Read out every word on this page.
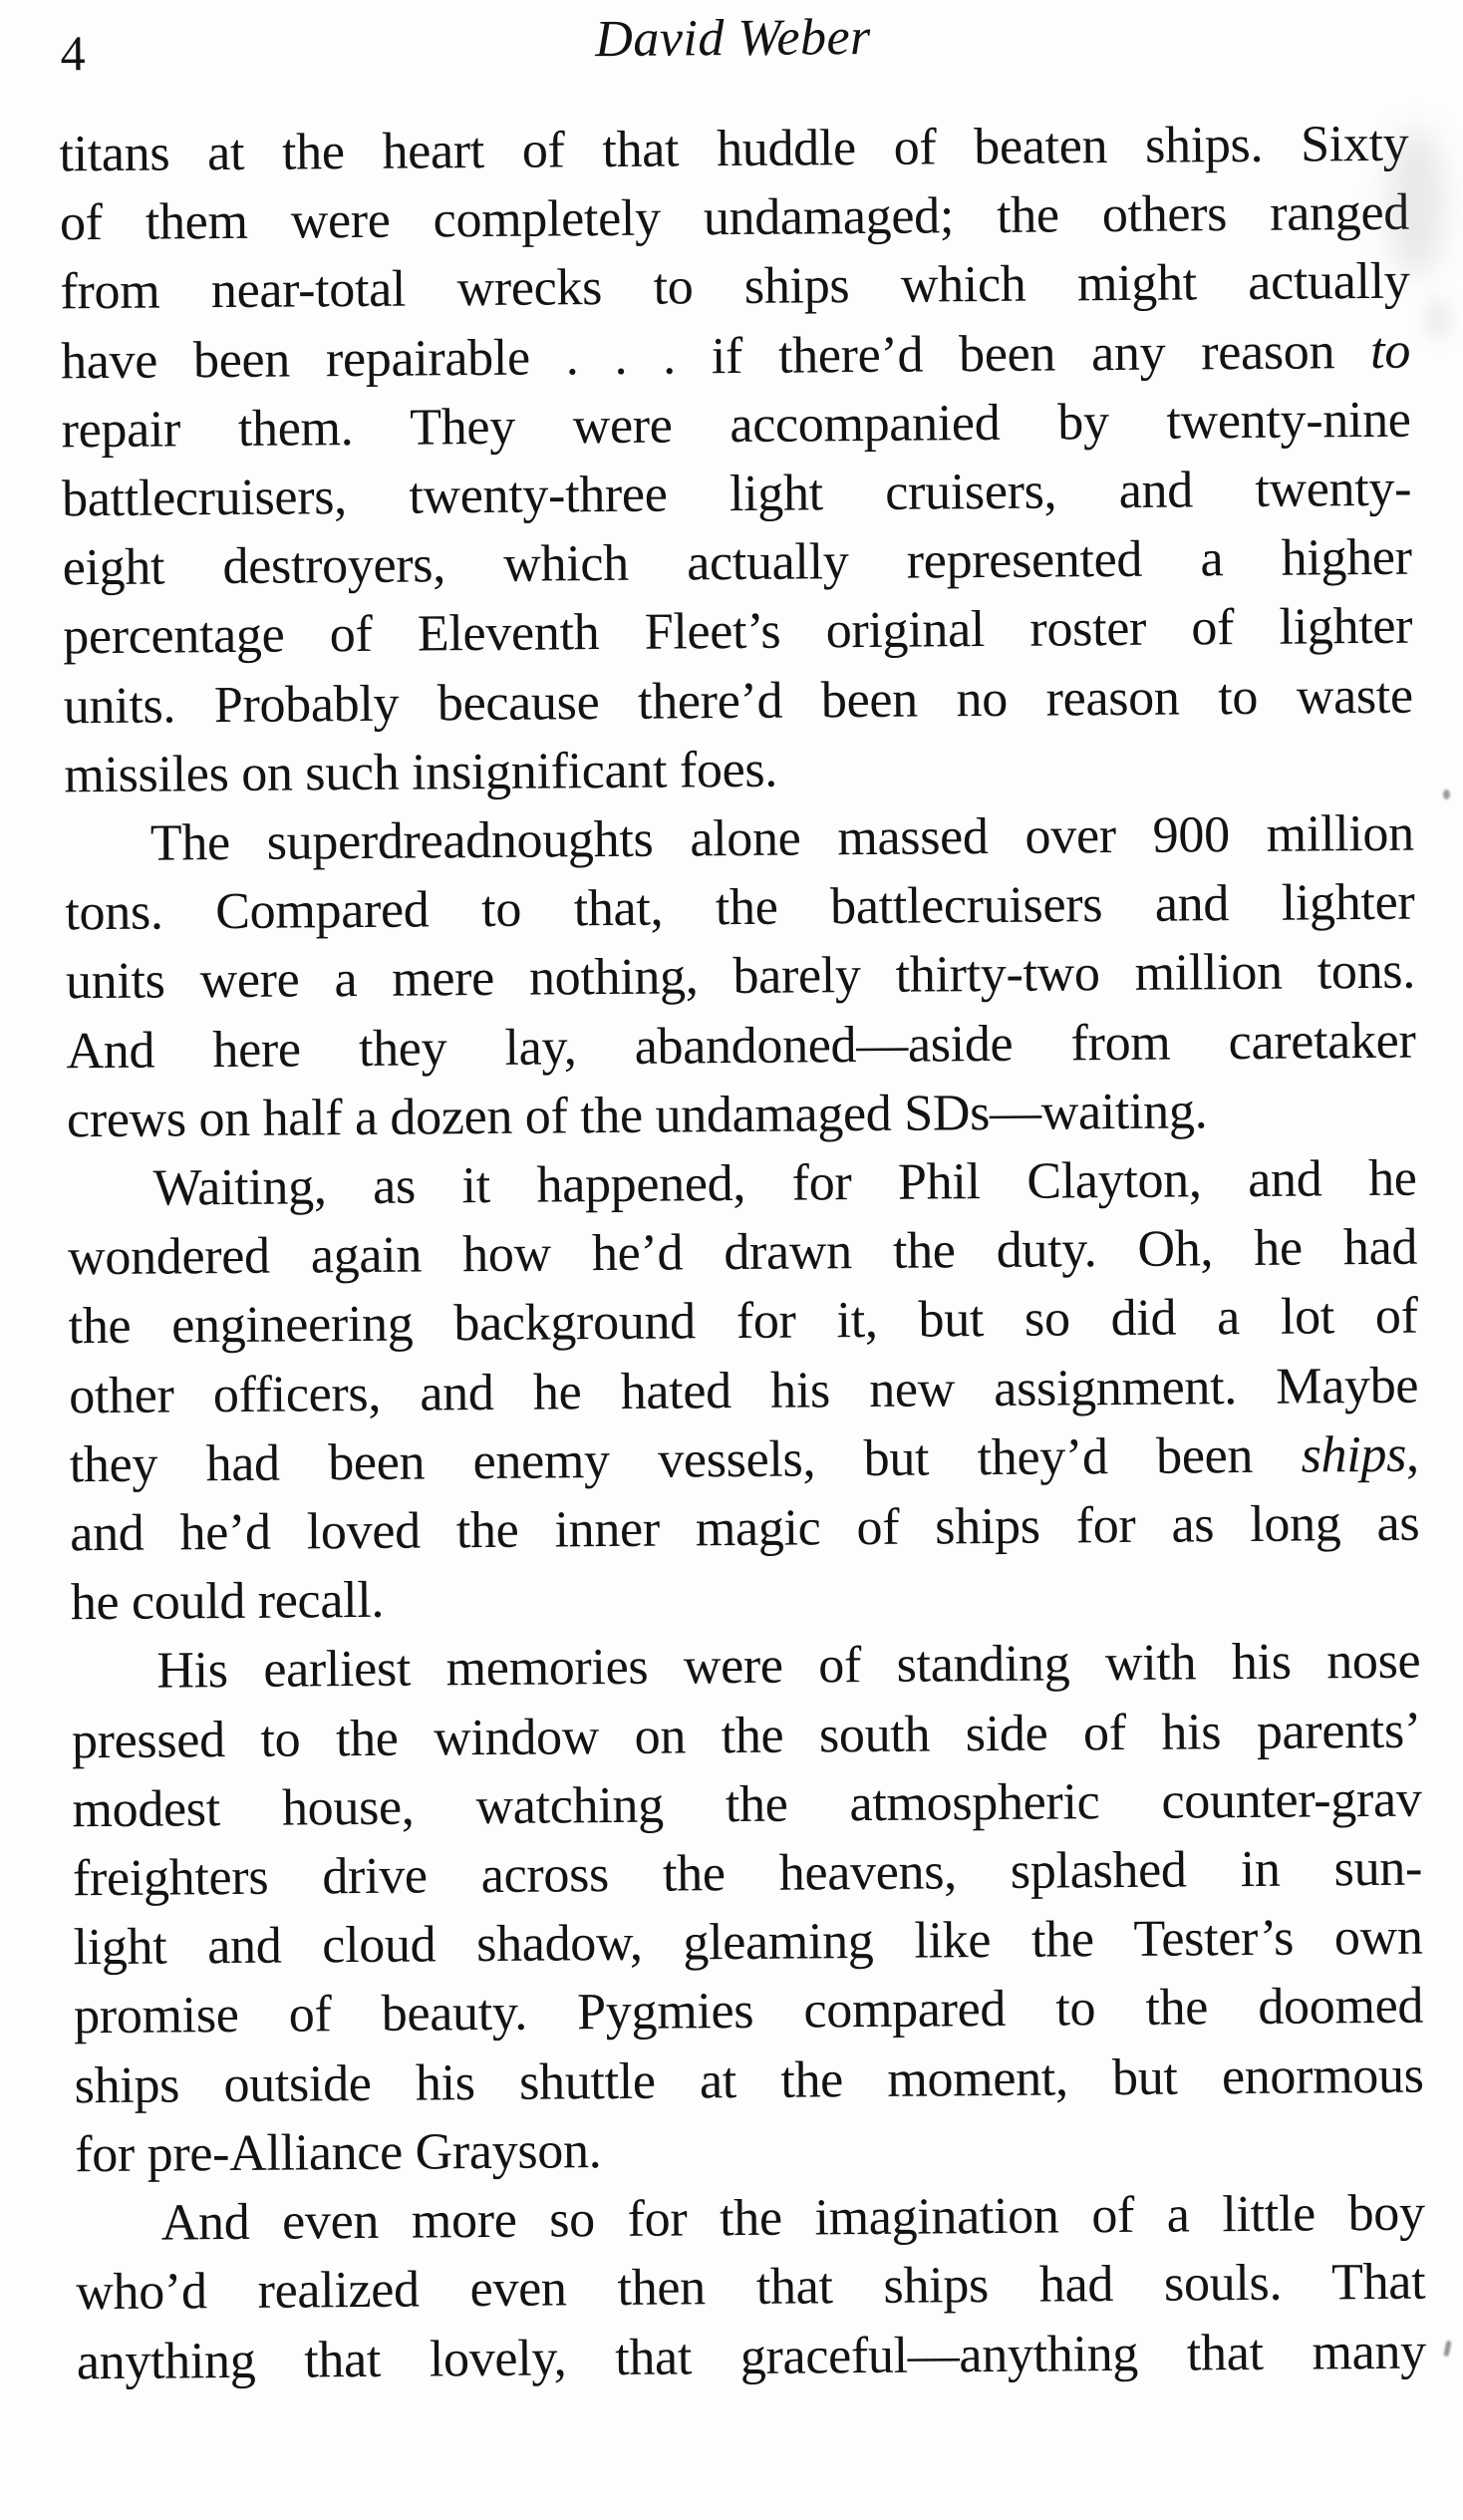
4	David Weber
titans at the heart of that huddle of beaten ships. Sixty
of them were completely undamaged; the others ranged
from near-total wrecks to ships which might actually
have been repairable . . . if there’d been any reason to
repair them. They were accompanied by twenty-nine
battlecruisers, twenty-three light cruisers, and twenty-
eight destroyers, which actually represented a higher
percentage of Eleventh Fleet’s original roster of lighter
units. Probably because there’d been no reason to waste
missiles on such insignificant foes.
The superdreadnoughts alone massed over 900 million
tons. Compared to that, the battlecruisers and lighter
units were a mere nothing, barely thirty-two million tons.
And here they lay, abandoned—aside from caretaker
crews on half a dozen of the undamaged SDs—waiting.
Waiting, as it happened, for Phil Clayton, and he
wondered again how he’d drawn the duty. Oh, he had
the engineering background for it, but so did a lot of
other officers, and he hated his new assignment. Maybe
they had been enemy vessels, but they’d been ships,
and he’d loved the inner magic of ships for as long as
he could recall.
His earliest memories were of standing with his nose
pressed to the window on the south side of his parents’
modest house, watching the atmospheric counter-grav
freighters drive across the heavens, splashed in sun-
light and cloud shadow, gleaming like the Tester’s own
promise of beauty. Pygmies compared to the doomed
ships outside his shuttle at the moment, but enormous
for pre-Alliance Grayson.
And even more so for the imagination of a little boy
who’d realized even then that ships had souls. That
anything that lovely, that graceful—anything that many
